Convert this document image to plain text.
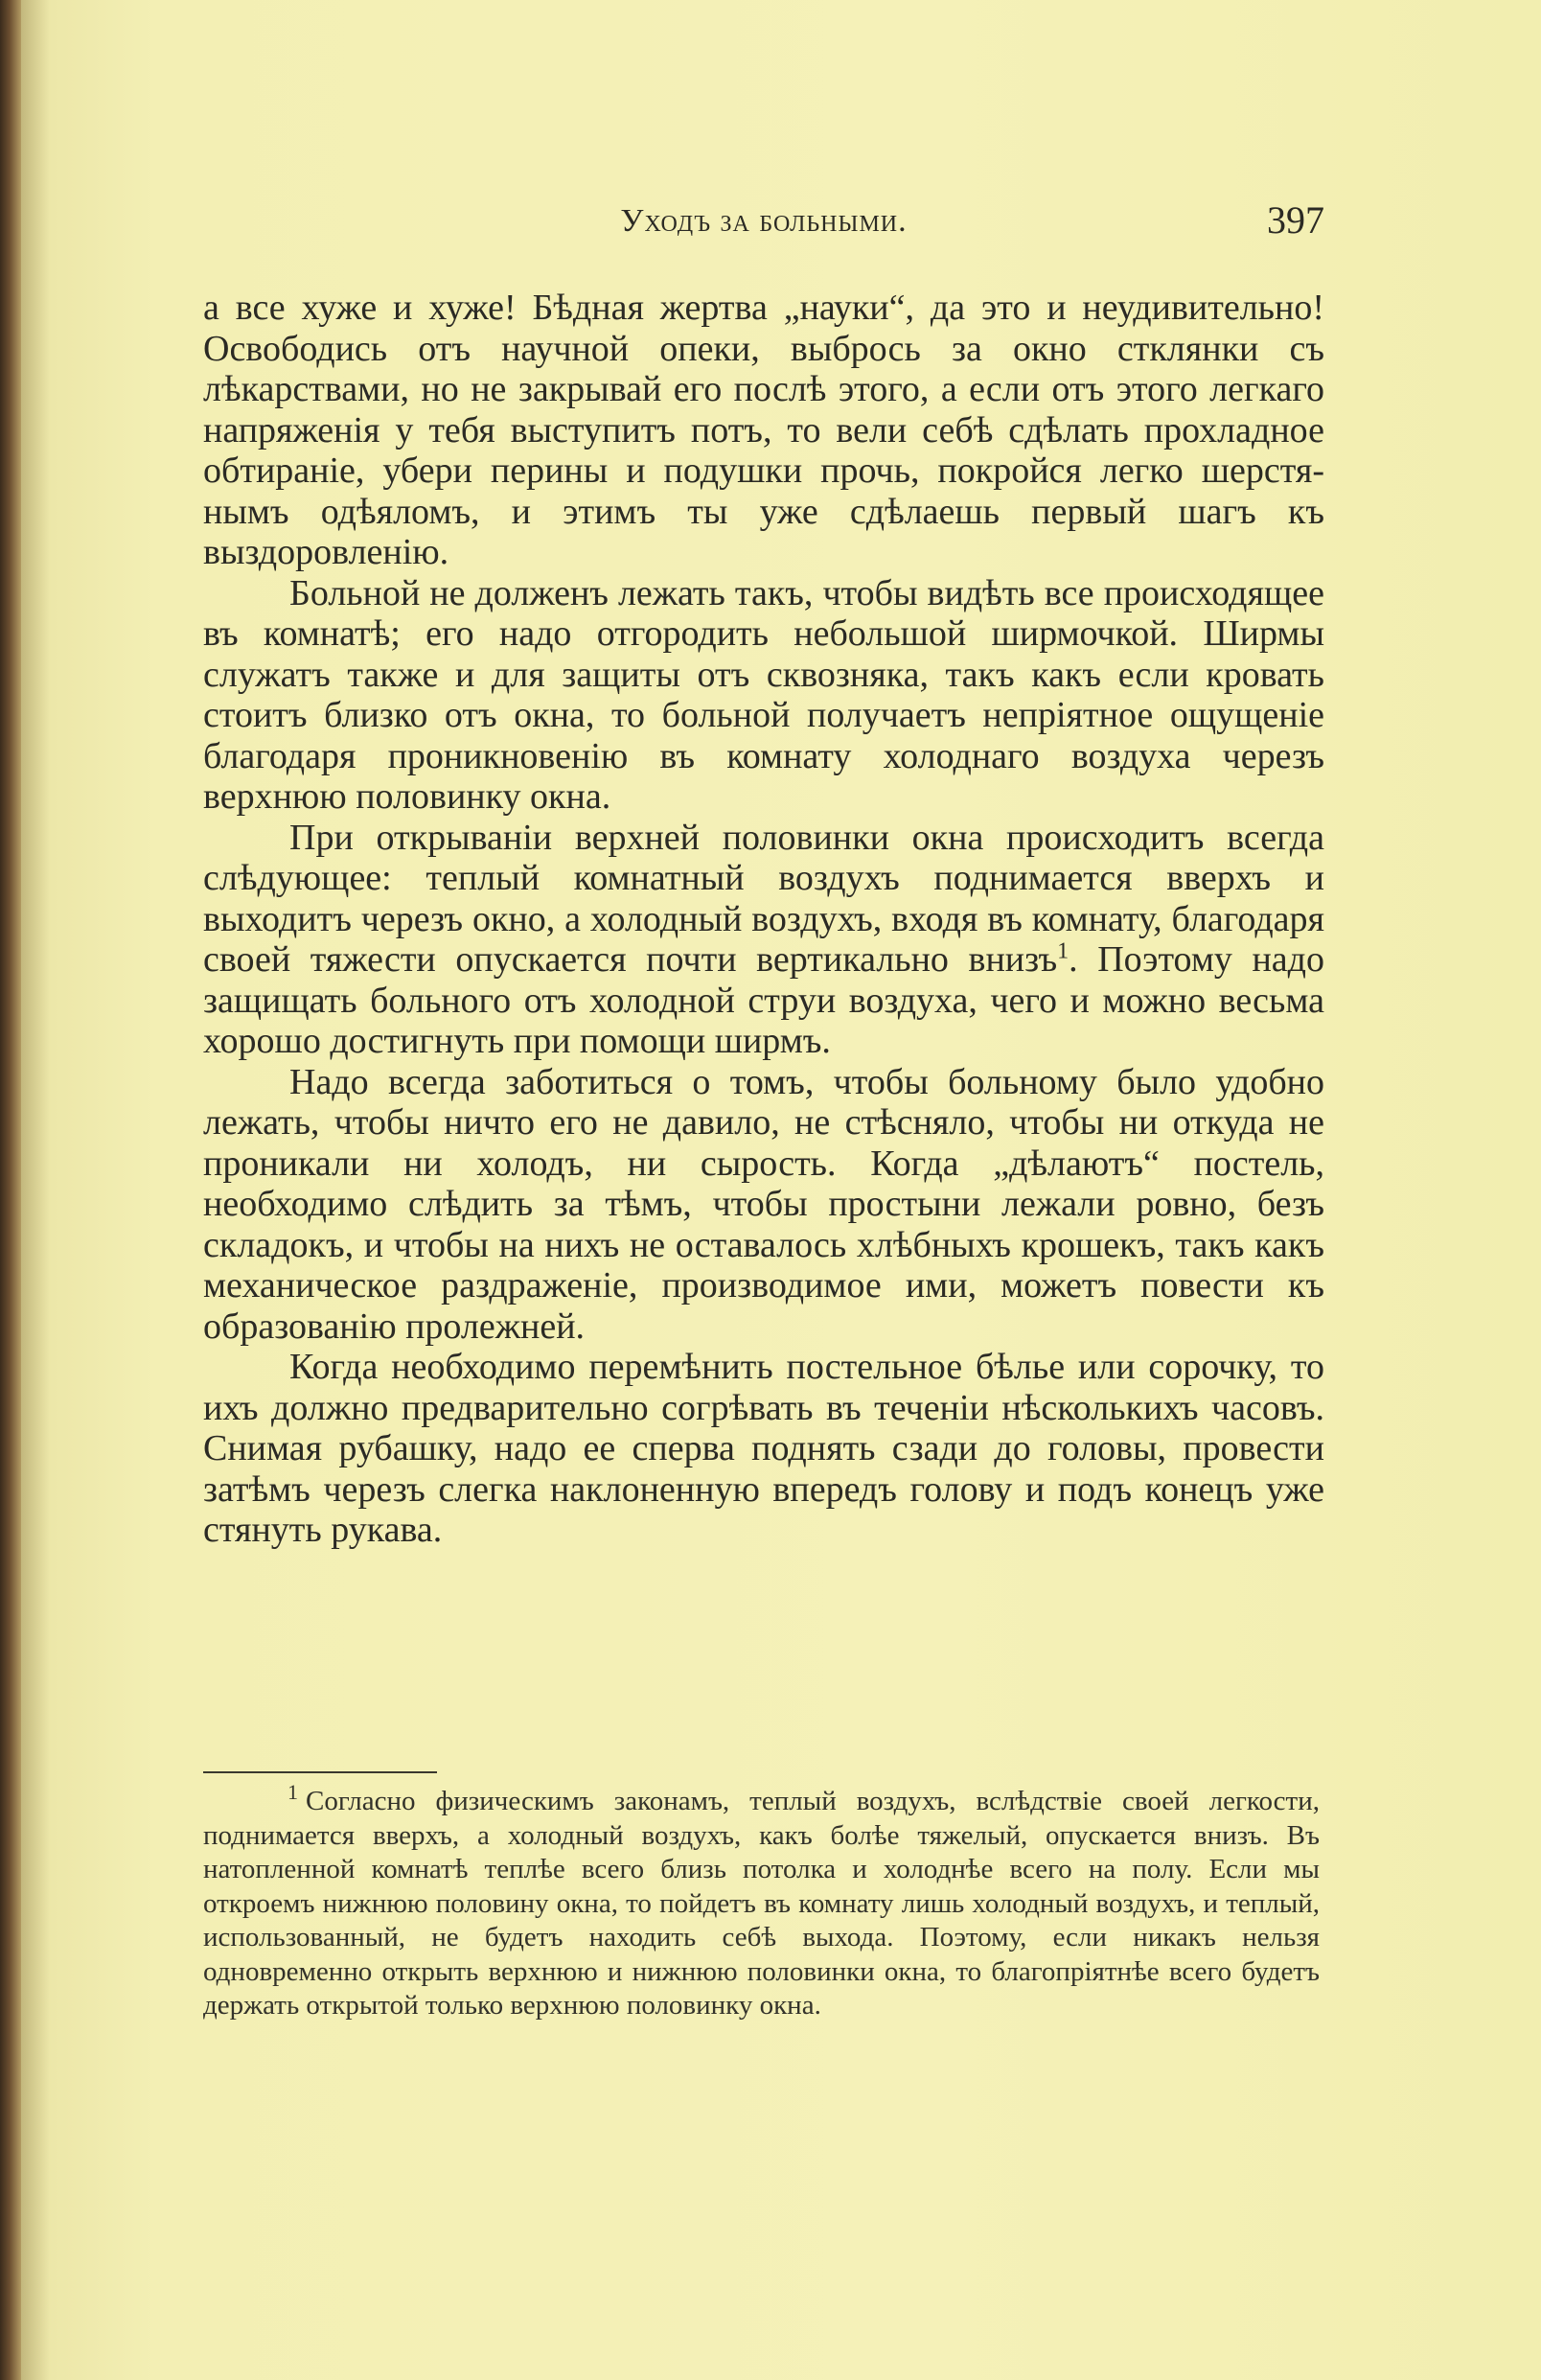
Уходъ за больными.	397

а все хуже и хуже! Бѣдная жертва „науки“, да это и неудивительно! Освободись отъ научной опеки, выбрось за окно стклянки съ лѣкарствами, но не закрывай его послѣ этого, а если отъ этого легкаго напряженія у тебя выступитъ потъ, то вели себѣ сдѣлать прохладное обтираніе, убери перины и подушки прочь, покройся легко шерстянымъ одѣяломъ, и этимъ ты уже сдѣлаешь первый шагъ къ выздоровленію.

Больной не долженъ лежать такъ, чтобы видѣть все происходящее въ комнатѣ; его надо отгородить небольшой ширмочкой. Ширмы служатъ также и для защиты отъ сквозняка, такъ какъ если кровать стоитъ близко отъ окна, то больной получаетъ непріятное ощущеніе благодаря проникновенію въ комнату холоднаго воздуха черезъ верхнюю половинку окна.

При открываніи верхней половинки окна происходитъ всегда слѣдующее: теплый комнатный воздухъ поднимается вверхъ и выходитъ черезъ окно, а холодный воздухъ, входя въ комнату, благодаря своей тяжести опускается почти вертикально внизъ$^1$. Поэтому надо защищать больного отъ холодной струи воздуха, чего и можно весьма хорошо достигнуть при помощи ширмъ.

Надо всегда заботиться о томъ, чтобы больному было удобно лежать, чтобы ничто его не давило, не стѣсняло, чтобы ни откуда не проникали ни холодъ, ни сырость. Когда „дѣлаютъ“ постель, необходимо слѣдить за тѣмъ, чтобы простыни лежали ровно, безъ складокъ, и чтобы на нихъ не оставалось хлѣбныхъ крошекъ, такъ какъ механическое раздраженіе, производимое ими, можетъ повести къ образованію пролежней.

Когда необходимо перемѣнить постельное бѣлье или сорочку, то ихъ должно предварительно согрѣвать въ теченіи нѣсколькихъ часовъ. Снимая рубашку, надо ее сперва поднять сзади до головы, провести затѣмъ черезъ слегка наклоненную впередъ голову и подъ конецъ уже стянуть рукава.

$^1$ Согласно физическимъ законамъ, теплый воздухъ, вслѣдствіе своей легкости, поднимается вверхъ, а холодный воздухъ, какъ болѣе тяжелый, опускается внизъ. Въ натопленной комнатѣ теплѣе всего близь потолка и холоднѣе всего на полу. Если мы откроемъ нижнюю половину окна, то пойдетъ въ комнату лишь холодный воздухъ, и теплый, использованный, не будетъ находить себѣ выхода. Поэтому, если никакъ нельзя одновременно открыть верхнюю и нижнюю половинки окна, то благопріятнѣе всего будетъ держать открытой только верхнюю половинку окна.
